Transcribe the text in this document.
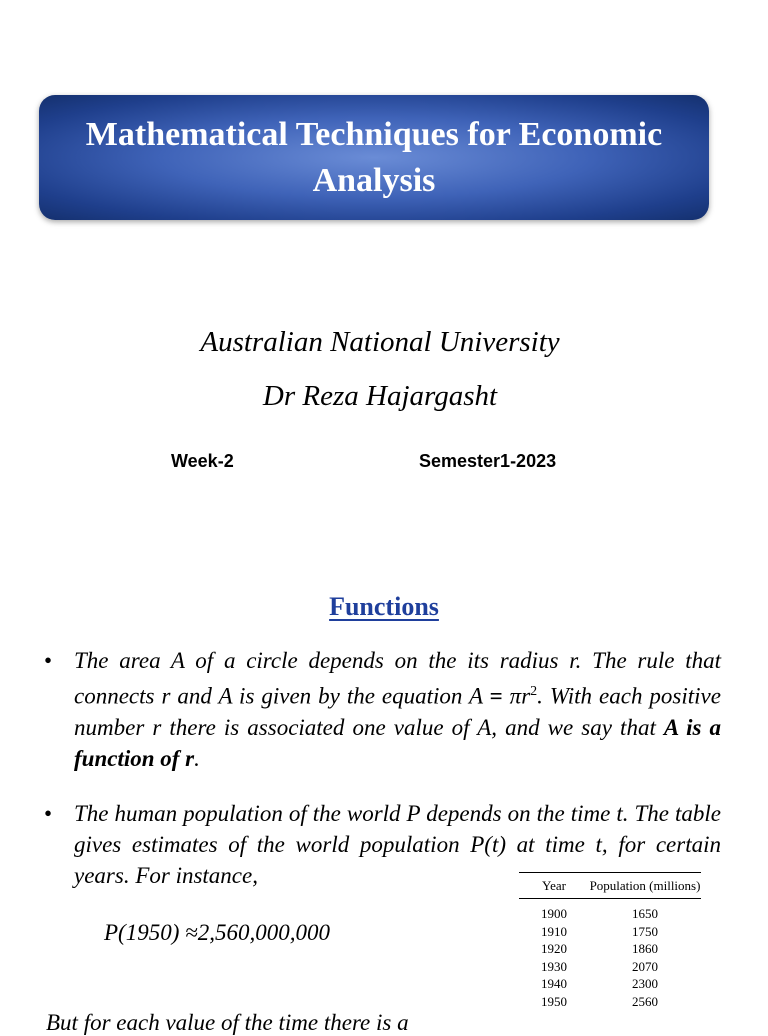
Mathematical Techniques for Economic Analysis
Australian National University
Dr Reza Hajargasht
Week-2	Semester1-2023
Functions
• The area A of a circle depends on the its radius r. The rule that connects r and A is given by the equation $A = \pi r^2$. With each positive number r there is associated one value of A, and we say that A is a function of r.
• The human population of the world P depends on the time t. The table gives estimates of the world population P(t) at time t, for certain years. For instance,
P(1950) ≈2,560,000,000
But for each value of the time there is a
Year	Population (millions)
1900	1650
1910	1750
1920	1860
1930	2070
1940	2300
1950	2560
